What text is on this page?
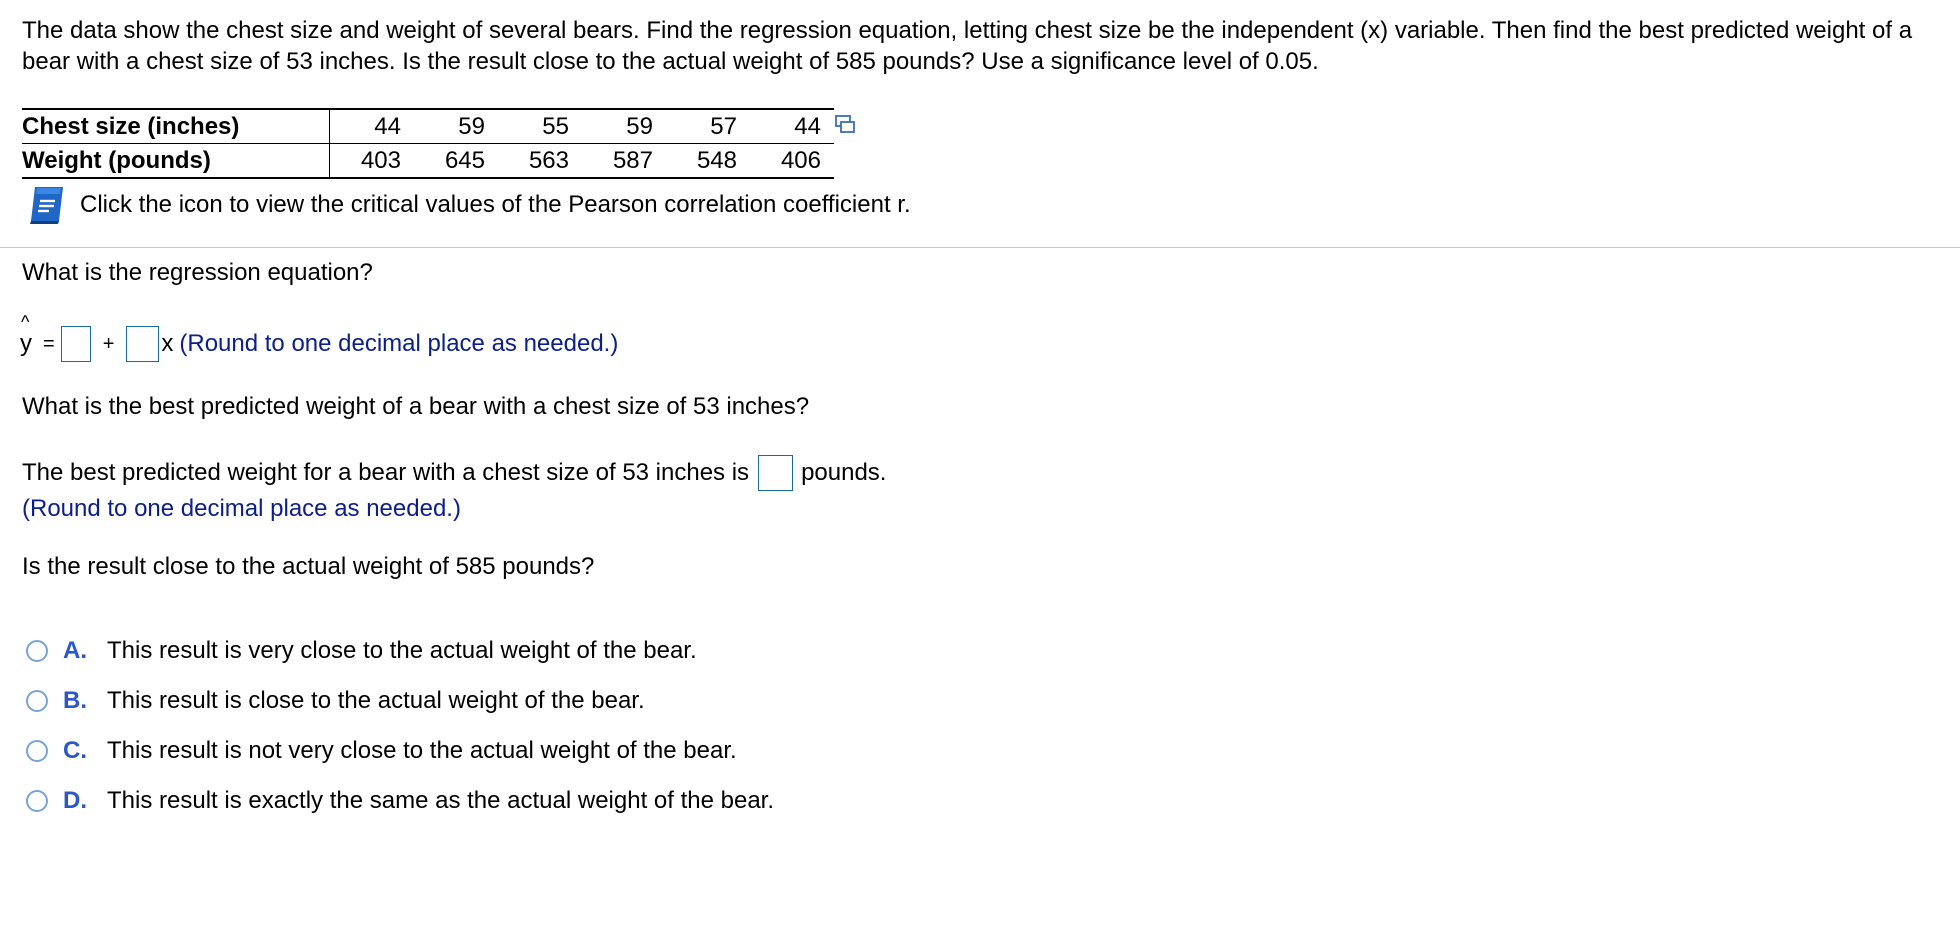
The data show the chest size and weight of several bears. Find the regression equation, letting chest size be the independent (x) variable. Then find the best predicted weight of a bear with a chest size of 53 inches. Is the result close to the actual weight of 585 pounds? Use a significance level of 0.05.

Chest size (inches)	44	59	55	59	57	44
Weight (pounds)	403	645	563	587	548	406
Click the icon to view the critical values of the Pearson correlation coefficient r.

What is the regression equation?

^
y = + x (Round to one decimal place as needed.)

What is the best predicted weight of a bear with a chest size of 53 inches?

The best predicted weight for a bear with a chest size of 53 inches is pounds.

(Round to one decimal place as needed.)

Is the result close to the actual weight of 585 pounds?

A. This result is very close to the actual weight of the bear.
B. This result is close to the actual weight of the bear.
C. This result is not very close to the actual weight of the bear.
D. This result is exactly the same as the actual weight of the bear.
